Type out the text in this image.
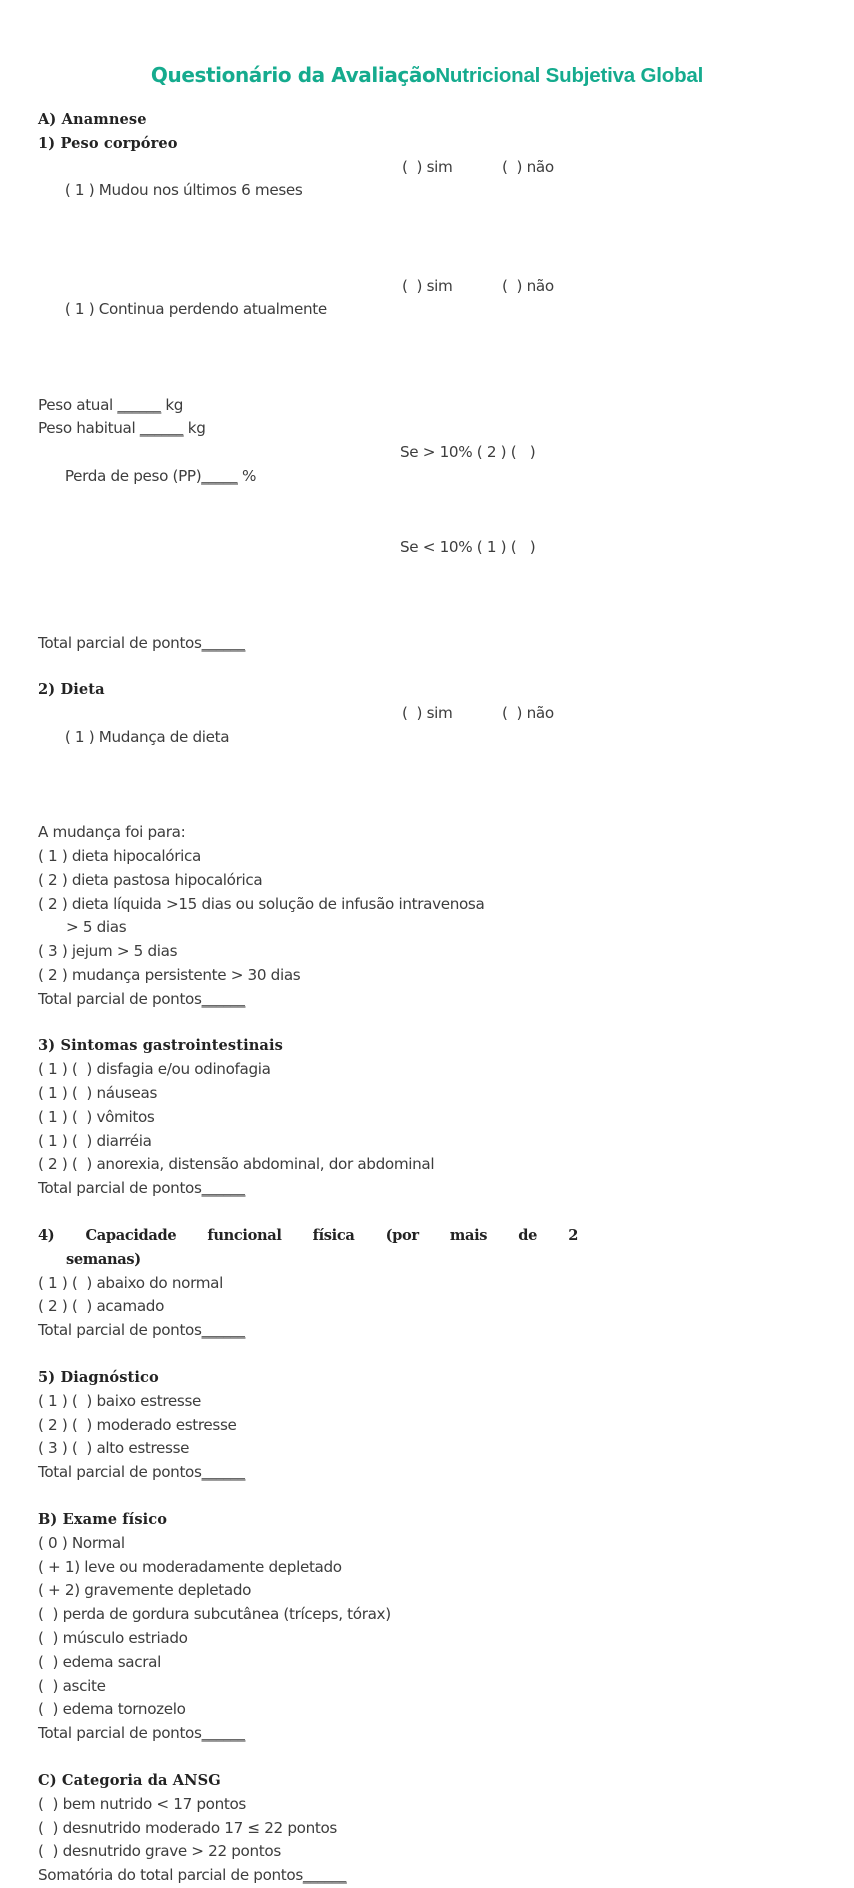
Questionário da AvaliaçãoNutricional Subjetiva Global
A) Anamnese
1) Peso corpóreo

( 1 ) Mudou nos últimos 6 meses

(  ) sim

	(  ) não

( 1 ) Continua perdendo atualmente

(  ) sim

	(  ) não

Peso atual ______ kg
Peso habitual ______ kg

Perda de peso (PP)_____ %

Se > 10% ( 2 ) (   )

Se < 10% ( 1 ) (   )

Total parcial de pontos______
2) Dieta

( 1 ) Mudança de dieta

(  ) sim

	(  ) não

A mudança foi para:
( 1 ) dieta hipocalórica
( 2 ) dieta pastosa hipocalórica
( 2 ) dieta líquida >15 dias ou solução de infusão intravenosa
> 5 dias
( 3 ) jejum > 5 dias
( 2 ) mudança persistente > 30 dias
Total parcial de pontos______
3) Sintomas gastrointestinais
( 1 ) (  ) disfagia e/ou odinofagia
( 1 ) (  ) náuseas
( 1 ) (  ) vômitos
( 1 ) (  ) diarréia
( 2 ) (  ) anorexia, distensão abdominal, dor abdominal
Total parcial de pontos______
4) Capacidade funcional física (por mais de 2
semanas)
( 1 ) (  ) abaixo do normal
( 2 ) (  ) acamado
Total parcial de pontos______
5) Diagnóstico
( 1 ) (  ) baixo estresse
( 2 ) (  ) moderado estresse
( 3 ) (  ) alto estresse
Total parcial de pontos______
B) Exame físico
( 0 ) Normal
( + 1) leve ou moderadamente depletado
( + 2) gravemente depletado
(  ) perda de gordura subcutânea (tríceps, tórax)
(  ) músculo estriado
(  ) edema sacral
(  ) ascite
(  ) edema tornozelo
Total parcial de pontos______
C) Categoria da ANSG
(  ) bem nutrido < 17 pontos
(  ) desnutrido moderado 17 ≤ 22 pontos
(  ) desnutrido grave > 22 pontos
Somatória do total parcial de pontos______
